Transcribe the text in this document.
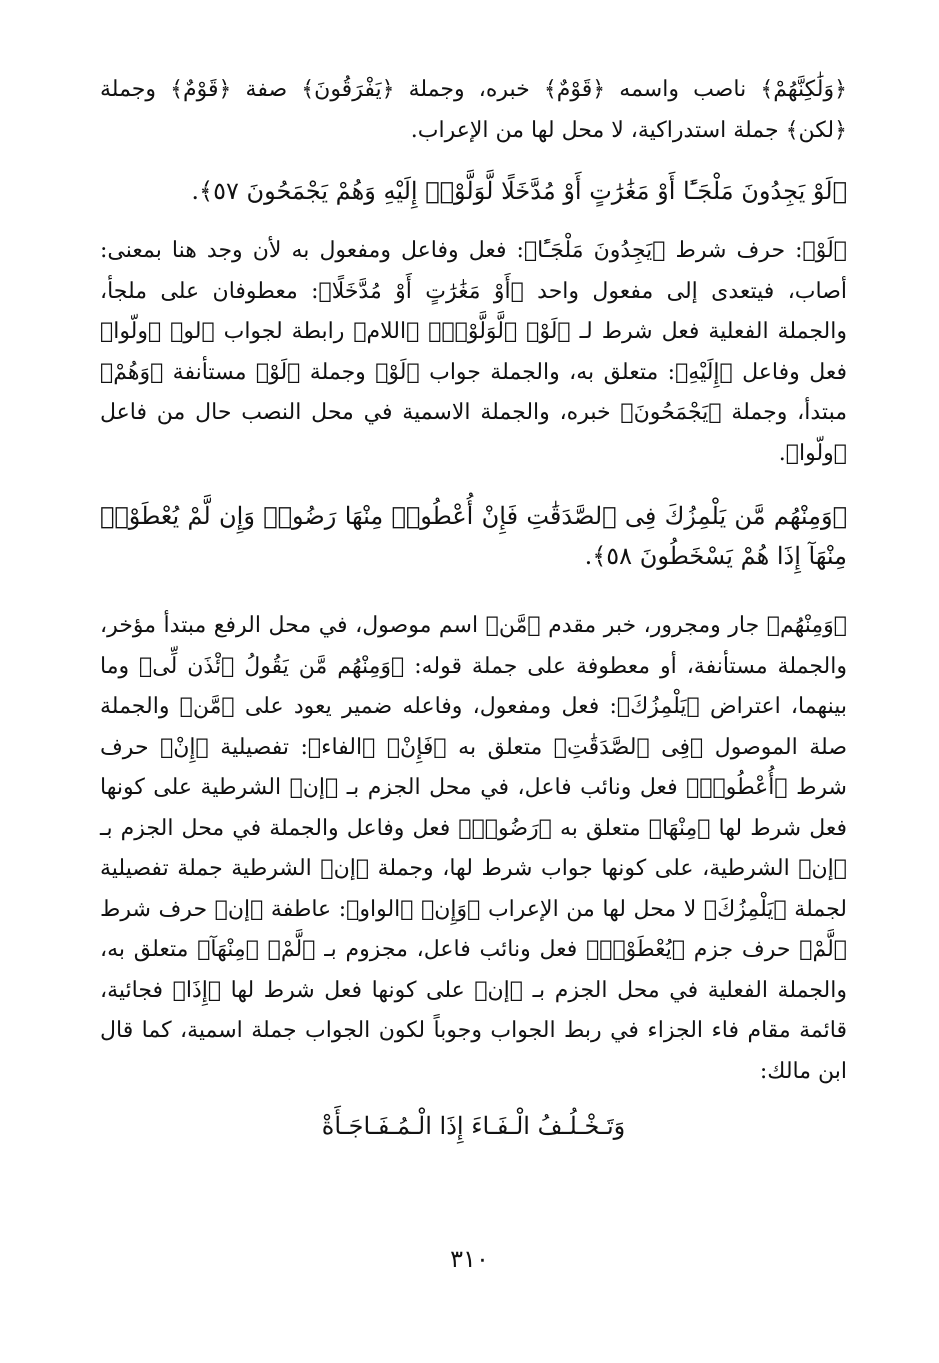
﴿وَلَٰكِنَّهُمْ﴾ ناصب واسمه ﴿قَوْمٌ﴾ خبره، وجملة ﴿يَفْرَقُونَ﴾ صفة ﴿قَوْمٌ﴾ وجملة ﴿لكن﴾ جملة استدراكية، لا محل لها من الإعراب.

﴿لَوْ يَجِدُونَ مَلْجَـًٔا أَوْ مَغَٰرَٰتٍ أَوْ مُدَّخَلًا لَّوَلَّوْا۟ إِلَيْهِ وَهُمْ يَجْمَحُونَ ٥٧﴾.

﴿لَوْ﴾: حرف شرط ﴿يَجِدُونَ مَلْجَـًٔا﴾: فعل وفاعل ومفعول به لأن وجد هنا بمعنى: أصاب، فيتعدى إلى مفعول واحد ﴿أَوْ مَغَٰرَٰتٍ أَوْ مُدَّخَلًا﴾: معطوفان على ملجأ، والجملة الفعلية فعل شرط لـ ﴿لَوْ﴾ ﴿لَّوَلَّوْا۟﴾ ﴿اللام﴾ رابطة لجواب ﴿لو﴾ ﴿ولّوا﴾ فعل وفاعل ﴿إِلَيْهِ﴾: متعلق به، والجملة جواب ﴿لَوْ﴾ وجملة ﴿لَوْ﴾ مستأنفة ﴿وَهُمْ﴾ مبتدأ، وجملة ﴿يَجْمَحُونَ﴾ خبره، والجملة الاسمية في محل النصب حال من فاعل ﴿ولّوا﴾.

﴿وَمِنْهُم مَّن يَلْمِزُكَ فِى ٱلصَّدَقَٰتِ فَإِنْ أُعْطُوا۟ مِنْهَا رَضُوا۟ وَإِن لَّمْ يُعْطَوْا۟ مِنْهَآ إِذَا هُمْ يَسْخَطُونَ ٥٨﴾.

﴿وَمِنْهُم﴾ جار ومجرور، خبر مقدم ﴿مَّن﴾ اسم موصول، في محل الرفع مبتدأ مؤخر، والجملة مستأنفة، أو معطوفة على جملة قوله: ﴿وَمِنْهُم مَّن يَقُولُ ٱئْذَن لِّى﴾ وما بينهما، اعتراض ﴿يَلْمِزُكَ﴾: فعل ومفعول، وفاعله ضمير يعود على ﴿مَّن﴾ والجملة صلة الموصول ﴿فِى ٱلصَّدَقَٰتِ﴾ متعلق به ﴿فَإِنْ﴾ ﴿الفاء﴾: تفصيلية ﴿إِنْ﴾ حرف شرط ﴿أُعْطُوا۟﴾ فعل ونائب فاعل، في محل الجزم بـ ﴿إن﴾ الشرطية على كونها فعل شرط لها ﴿مِنْهَا﴾ متعلق به ﴿رَضُوا۟﴾ فعل وفاعل والجملة في محل الجزم بـ ﴿إن﴾ الشرطية، على كونها جواب شرط لها، وجملة ﴿إن﴾ الشرطية جملة تفصيلية لجملة ﴿يَلْمِزُكَ﴾ لا محل لها من الإعراب ﴿وَإِن﴾ ﴿الواو﴾: عاطفة ﴿إن﴾ حرف شرط ﴿لَّمْ﴾ حرف جزم ﴿يُعْطَوْا۟﴾ فعل ونائب فاعل، مجزوم بـ ﴿لَّمْ﴾ ﴿مِنْهَآ﴾ متعلق به، والجملة الفعلية في محل الجزم بـ ﴿إن﴾ على كونها فعل شرط لها ﴿إِذَا﴾ فجائية، قائمة مقام فاء الجزاء في ربط الجواب وجوباً لكون الجواب جملة اسمية، كما قال ابن مالك:

وَتَـخْـلُـفُ الْـفَـاءَ إِذَا الْـمُـفَـاجَـأَةْ

٣١٠
